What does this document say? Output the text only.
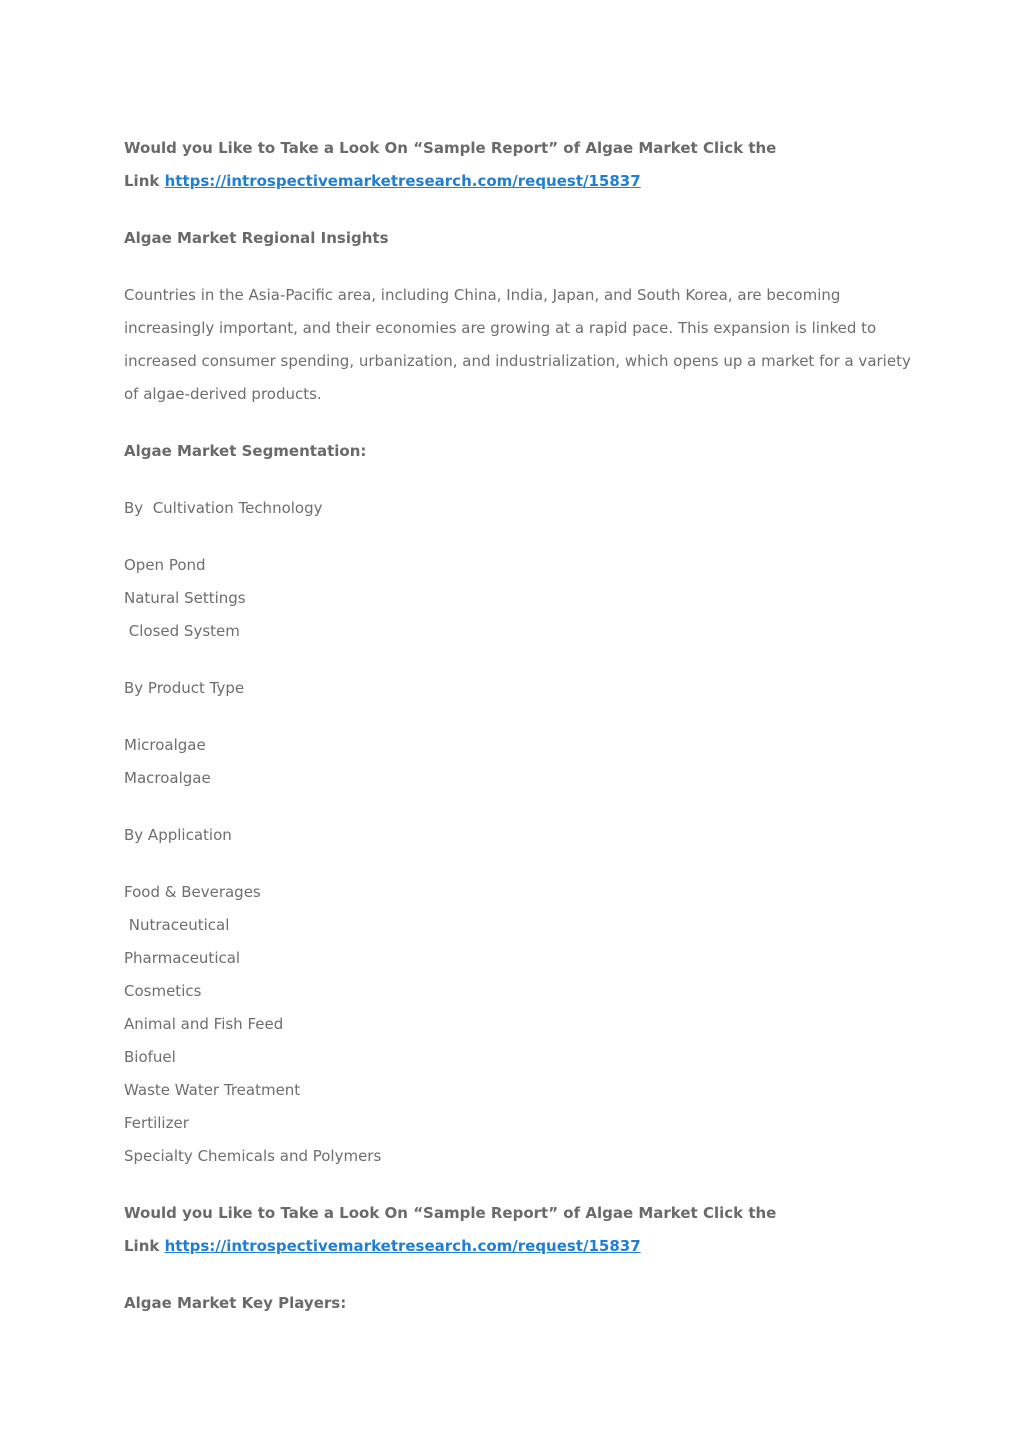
Would you Like to Take a Look On “Sample Report” of Algae Market Click the
Link https://introspectivemarketresearch.com/request/15837
Algae Market Regional Insights
Countries in the Asia-Pacific area, including China, India, Japan, and South Korea, are becoming
increasingly important, and their economies are growing at a rapid pace. This expansion is linked to
increased consumer spending, urbanization, and industrialization, which opens up a market for a variety
of algae-derived products.
Algae Market Segmentation:
By  Cultivation Technology
Open Pond
Natural Settings
Closed System
By Product Type
Microalgae
Macroalgae
By Application
Food & Beverages
Nutraceutical
Pharmaceutical
Cosmetics
Animal and Fish Feed
Biofuel
Waste Water Treatment
Fertilizer
Specialty Chemicals and Polymers
Would you Like to Take a Look On “Sample Report” of Algae Market Click the
Link https://introspectivemarketresearch.com/request/15837
Algae Market Key Players:
